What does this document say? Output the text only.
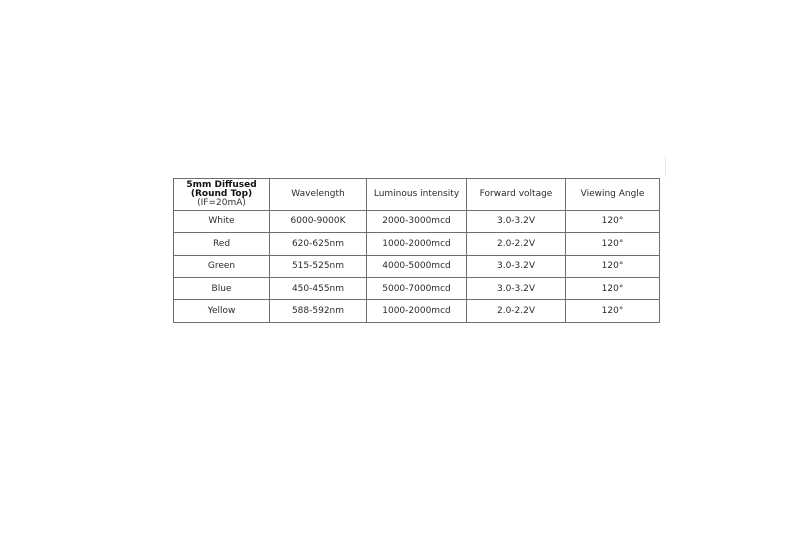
5mm Diffused
(Round Top)
(IF=20mA)	Wavelength	Luminous intensity	Forward voltage	Viewing Angle
White	6000-9000K	2000-3000mcd	3.0-3.2V	120°
Red	620-625nm	1000-2000mcd	2.0-2.2V	120°
Green	515-525nm	4000-5000mcd	3.0-3.2V	120°
Blue	450-455nm	5000-7000mcd	3.0-3.2V	120°
Yellow	588-592nm	1000-2000mcd	2.0-2.2V	120°
